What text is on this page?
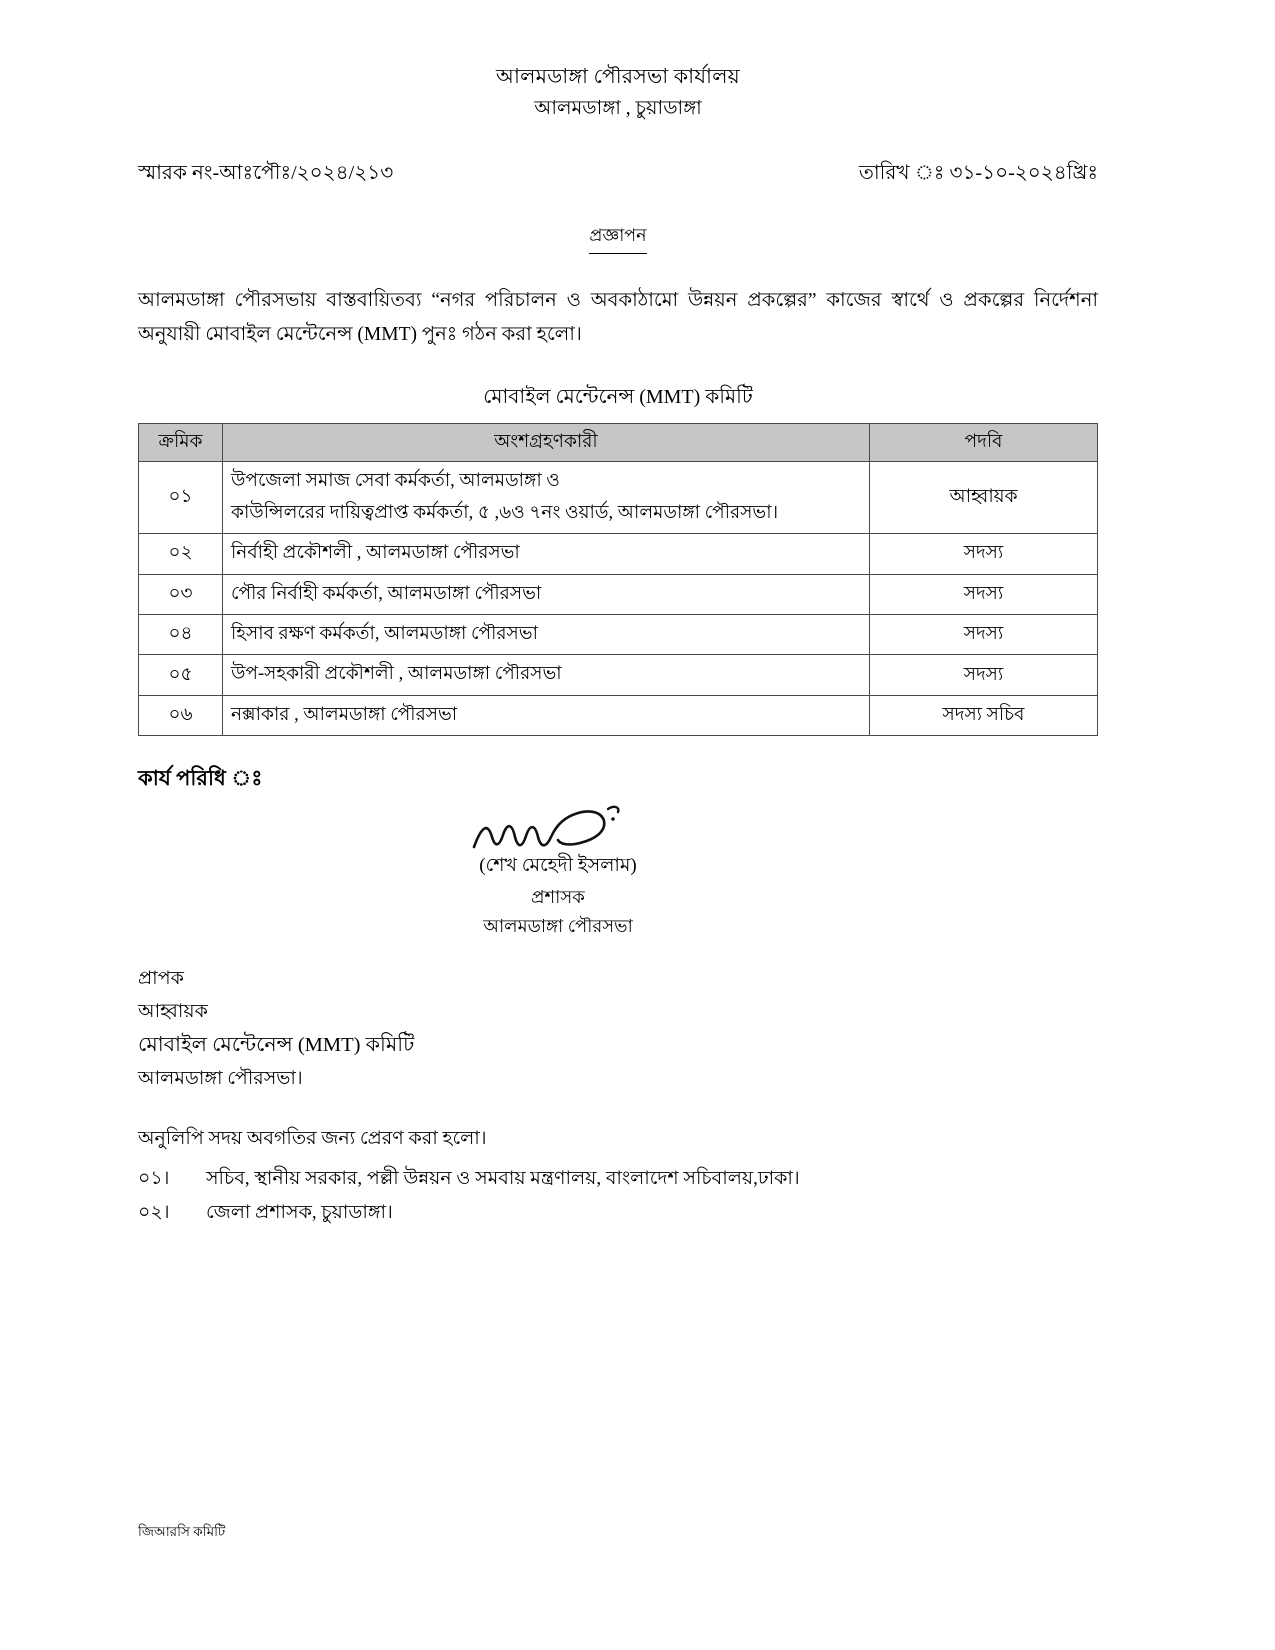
আলমডাঙ্গা পৌরসভা কার্যালয়
আলমডাঙ্গা , চুয়াডাঙ্গা
স্মারক নং-আঃপৌঃ/২০২৪/২১৩	তারিখ ঃ ৩১-১০-২০২৪খ্রিঃ
প্রজ্ঞাপন
আলমডাঙ্গা পৌরসভায় বাস্তবায়িতব্য “নগর পরিচালন ও অবকাঠামো উন্নয়ন প্রকল্পের” কাজের স্বার্থে ও প্রকল্পের নির্দেশনা অনুযায়ী মোবাইল মেন্টেনেন্স (MMT) পুনঃ গঠন করা হলো।
মোবাইল মেন্টেনেন্স (MMT) কমিটি
ক্রমিক	অংশগ্রহণকারী	পদবি
০১	উপজেলা সমাজ সেবা কর্মকর্তা, আলমডাঙ্গা ও
কাউন্সিলরের দায়িত্বপ্রাপ্ত কর্মকর্তা, ৫ ,৬ও ৭নং ওয়ার্ড, আলমডাঙ্গা পৌরসভা।	আহ্বায়ক
০২	নির্বাহী প্রকৌশলী , আলমডাঙ্গা পৌরসভা	সদস্য
০৩	পৌর নির্বাহী কর্মকর্তা, আলমডাঙ্গা পৌরসভা	সদস্য
০৪	হিসাব রক্ষণ কর্মকর্তা, আলমডাঙ্গা পৌরসভা	সদস্য
০৫	উপ-সহকারী প্রকৌশলী , আলমডাঙ্গা পৌরসভা	সদস্য
০৬	নক্সাকার , আলমডাঙ্গা পৌরসভা	সদস্য সচিব
কার্য পরিধি ঃ
(শেখ মেহেদী ইসলাম)
প্রশাসক
আলমডাঙ্গা পৌরসভা
প্রাপক
আহ্বায়ক
মোবাইল মেন্টেনেন্স (MMT) কমিটি
আলমডাঙ্গা পৌরসভা।
অনুলিপি সদয় অবগতির জন্য প্রেরণ করা হলো।
০১।	সচিব, স্থানীয় সরকার, পল্লী উন্নয়ন ও সমবায় মন্ত্রণালয়, বাংলাদেশ সচিবালয়,ঢাকা।
০২।	জেলা প্রশাসক, চুয়াডাঙ্গা।
জিআরসি কমিটি
